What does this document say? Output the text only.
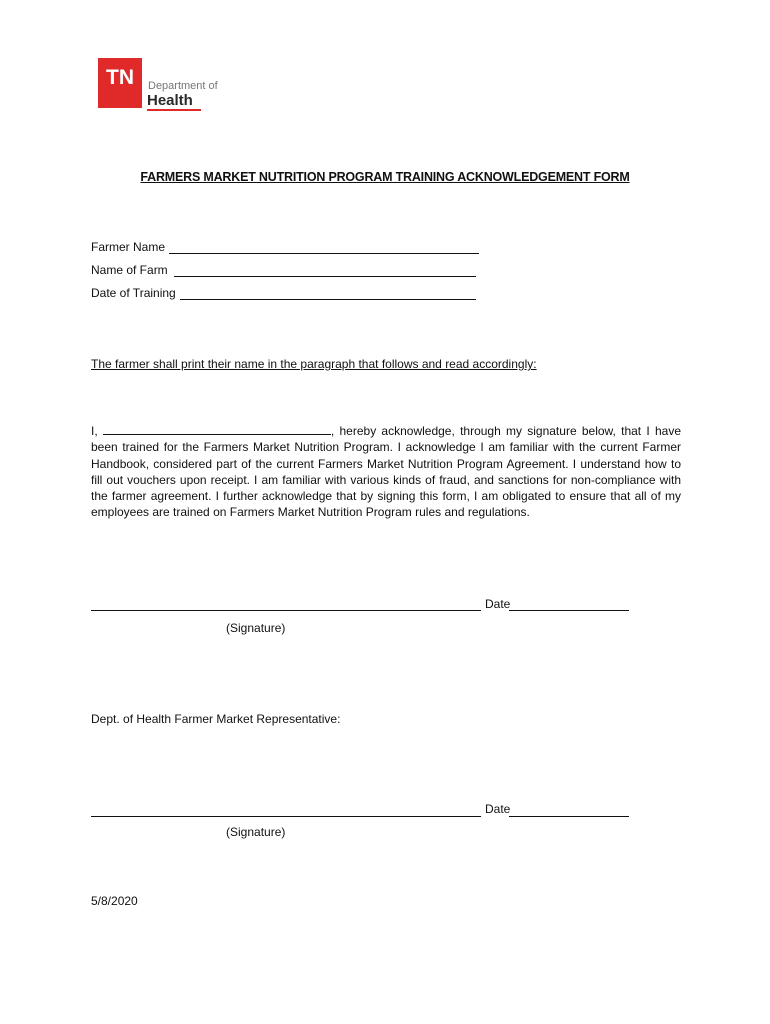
TN	Department of
Health
FARMERS MARKET NUTRITION PROGRAM TRAINING ACKNOWLEDGEMENT FORM
Farmer Name
Name of Farm
Date of Training
The farmer shall print their name in the paragraph that follows and read accordingly:
I,	, hereby acknowledge, through my signature below, that I have been trained for the Farmers Market Nutrition Program. I acknowledge I am familiar with the current Farmer Handbook, considered part of the current Farmers Market Nutrition Program Agreement. I understand how to fill out vouchers upon receipt. I am familiar with various kinds of fraud, and sanctions for non-compliance with the farmer agreement. I further acknowledge that by signing this form, I am obligated to ensure that all of my employees are trained on Farmers Market Nutrition Program rules and regulations.
Date
(Signature)
Dept. of Health Farmer Market Representative:
Date
(Signature)
5/8/2020
